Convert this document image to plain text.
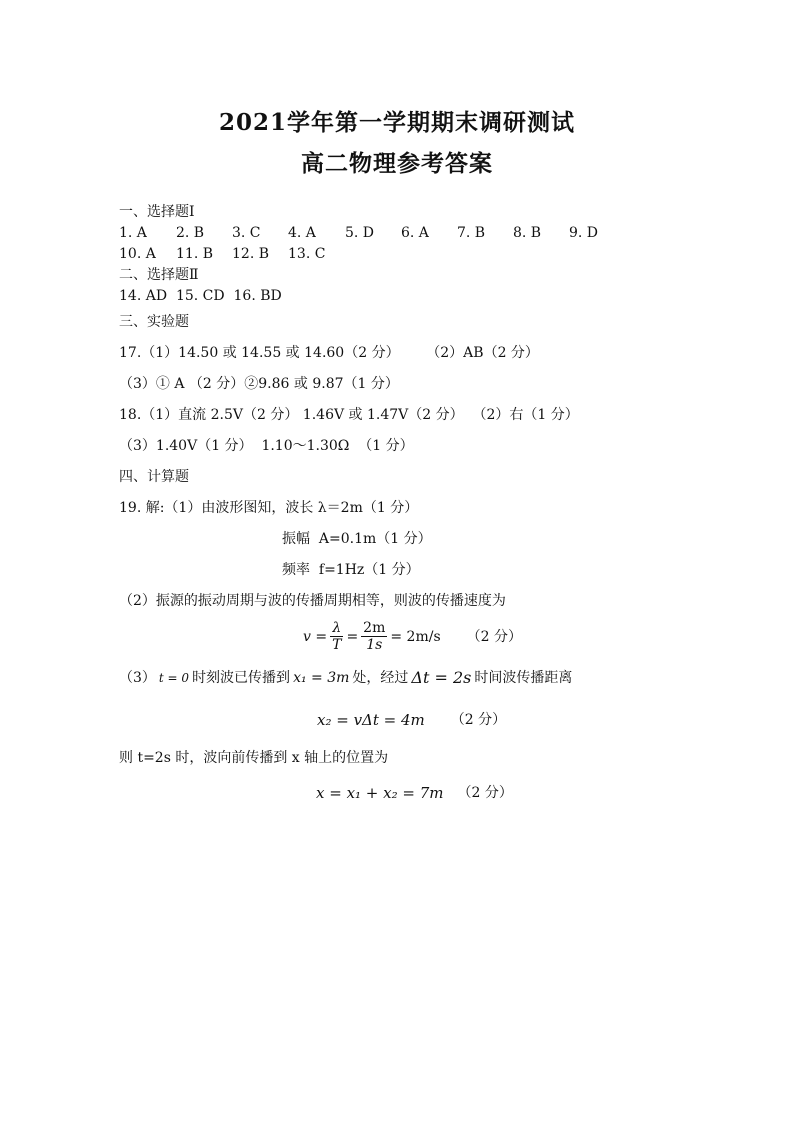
2021学年第一学期期末调研测试
高二物理参考答案
一、选择题Ⅰ
1. A 2. B 3. C 4. A 5. D 6. A 7. B 8. B 9. D
10. A 11. B 12. B 13. C
二、选择题Ⅱ
14. AD  15. CD  16. BD
三、实验题
17.（1）14.50 或 14.55 或 14.60（2 分）      （2）AB（2 分）
（3）① A （2 分）②9.86 或 9.87（1 分）
18.（1）直流 2.5V（2 分） 1.46V 或 1.47V（2 分）  （2）右（1 分）
（3）1.40V（1 分）  1.10～1.30Ω  （1 分）
四、计算题
19. 解:（1）由波形图知，波长 λ＝2m（1 分）
振幅  A=0.1m（1 分）
频率  f=1Hz（1 分）
（2）振源的振动周期与波的传播周期相等，则波的传播速度为
$v = \frac{\lambda}{T} = \frac{2m}{1s} = 2m/s$ （2 分）
（3） t = 0 时刻波已传播到 x₁ = 3m 处，经过 Δt = 2s 时间波传播距离
x₂ = vΔt = 4m （2 分）
则 t=2s 时，波向前传播到 x 轴上的位置为
x = x₁ + x₂ = 7m （2 分）
